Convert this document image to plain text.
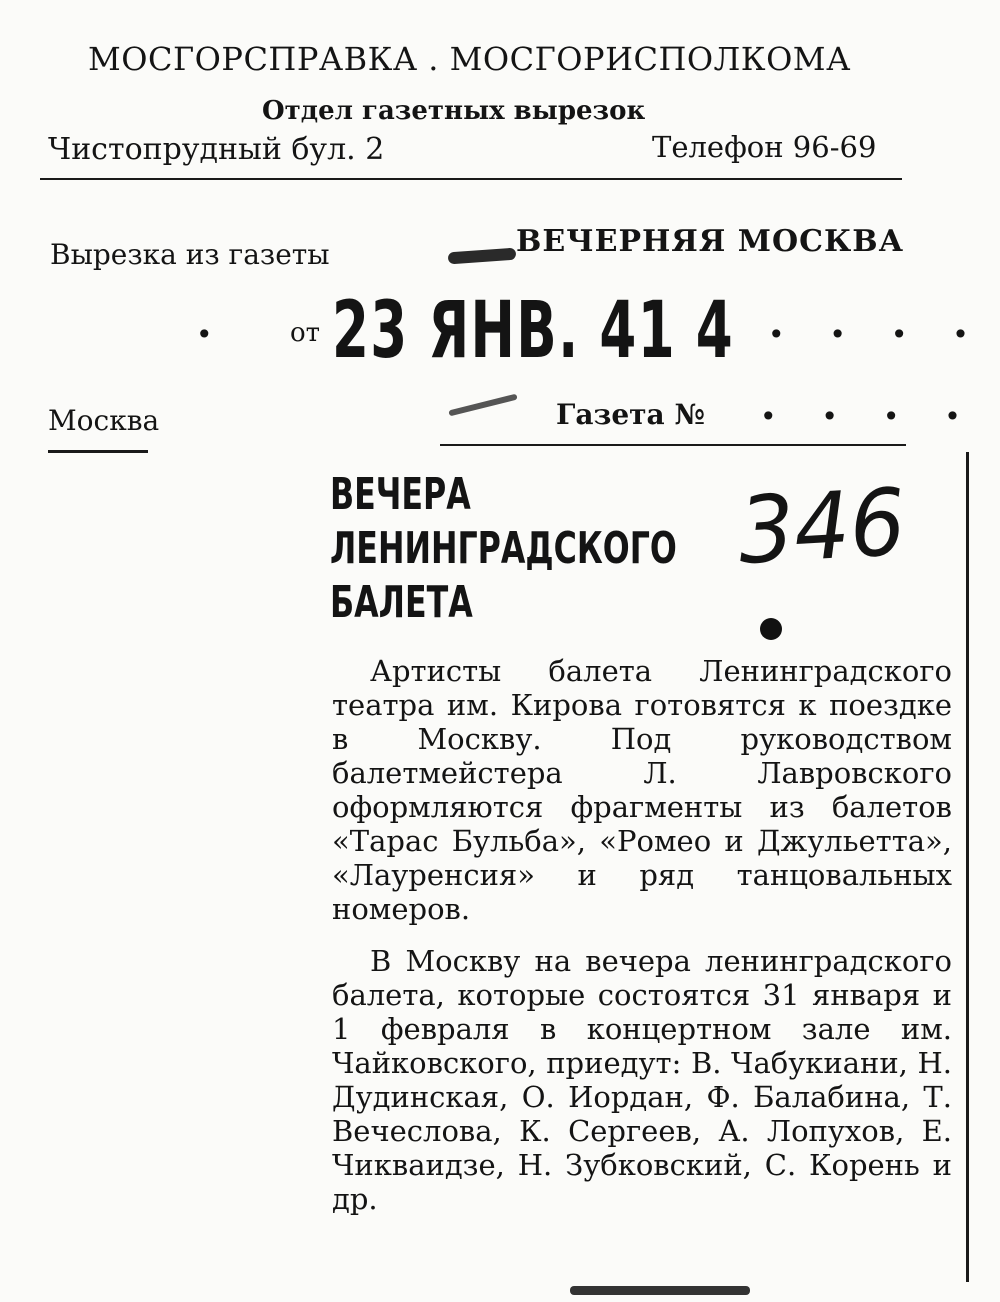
МОСГОРСПРАВКА . МОСГОРИСПОЛКОМА
Отдел газетных вырезок
Чистопрудный бул. 2	Телефон 96-69
Вырезка из газеты	ВЕЧЕРНЯЯ МОСКВА
• от 23 ЯНВ. 41 4 • • • •
Москва	Газета № • • • •
ВЕЧЕРА
ЛЕНИНГРАДСКОГО
БАЛЕТА
346
Артисты балета Ленинградского театра им. Кирова готовятся к поездке в Москву. Под руководством балетмейстера Л. Лавровского оформляются фрагменты из балетов «Тарас Бульба», «Ромео и Джульетта», «Лауренсия» и ряд танцовальных номеров.
В Москву на вечера ленинградского балета, которые состоятся 31 января и 1 февраля в концертном зале им. Чайковского, приедут: В. Чабукиани, Н. Дудинская, О. Иордан, Ф. Балабина, Т. Вечеслова, К. Сергеев, А. Лопухов, Е. Чикваидзе, Н. Зубковский, С. Корень и др.
